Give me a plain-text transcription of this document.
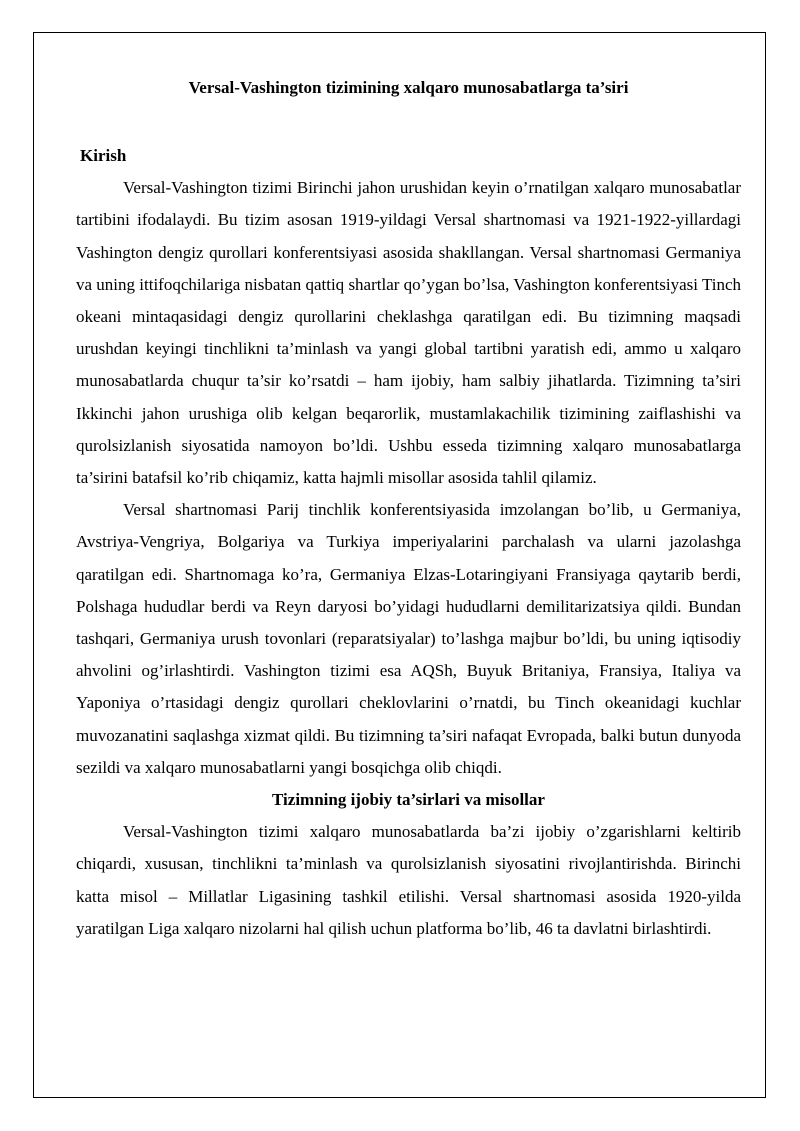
Versal-Vashington tizimining xalqaro munosabatlarga ta’siri
Kirish

Versal-Vashington tizimi Birinchi jahon urushidan keyin o’rnatilgan xalqaro munosabatlar tartibini ifodalaydi. Bu tizim asosan 1919-yildagi Versal shartnomasi va 1921-1922-yillardagi Vashington dengiz qurollari konferentsiyasi asosida shakllangan. Versal shartnomasi Germaniya va uning ittifoqchilariga nisbatan qattiq shartlar qo’ygan bo’lsa, Vashington konferentsiyasi Tinch okeani mintaqasidagi dengiz qurollarini cheklashga qaratilgan edi. Bu tizimning maqsadi urushdan keyingi tinchlikni ta’minlash va yangi global tartibni yaratish edi, ammo u xalqaro munosabatlarda chuqur ta’sir ko’rsatdi – ham ijobiy, ham salbiy jihatlarda. Tizimning ta’siri Ikkinchi jahon urushiga olib kelgan beqarorlik, mustamlakachilik tizimining zaiflashishi va qurolsizlanish siyosatida namoyon bo’ldi. Ushbu esseda tizimning xalqaro munosabatlarga ta’sirini batafsil ko’rib chiqamiz, katta hajmli misollar asosida tahlil qilamiz.

Versal shartnomasi Parij tinchlik konferentsiyasida imzolangan bo’lib, u Germaniya, Avstriya-Vengriya, Bolgariya va Turkiya imperiyalarini parchalash va ularni jazolashga qaratilgan edi. Shartnomaga ko’ra, Germaniya Elzas-Lotaringiyani Fransiyaga qaytarib berdi, Polshaga hududlar berdi va Reyn daryosi bo’yidagi hududlarni demilitarizatsiya qildi. Bundan tashqari, Germaniya urush tovonlari (reparatsiyalar) to’lashga majbur bo’ldi, bu uning iqtisodiy ahvolini og’irlashtirdi. Vashington tizimi esa AQSh, Buyuk Britaniya, Fransiya, Italiya va Yaponiya o’rtasidagi dengiz qurollari cheklovlarini o’rnatdi, bu Tinch okeanidagi kuchlar muvozanatini saqlashga xizmat qildi. Bu tizimning ta’siri nafaqat Evropada, balki butun dunyoda sezildi va xalqaro munosabatlarni yangi bosqichga olib chiqdi.

Tizimning ijobiy ta’sirlari va misollar

Versal-Vashington tizimi xalqaro munosabatlarda ba’zi ijobiy o’zgarishlarni keltirib chiqardi, xususan, tinchlikni ta’minlash va qurolsizlanish siyosatini rivojlantirishda. Birinchi katta misol – Millatlar Ligasining tashkil etilishi. Versal shartnomasi asosida 1920-yilda yaratilgan Liga xalqaro nizolarni hal qilish uchun platforma bo’lib, 46 ta davlatni birlashtirdi.
